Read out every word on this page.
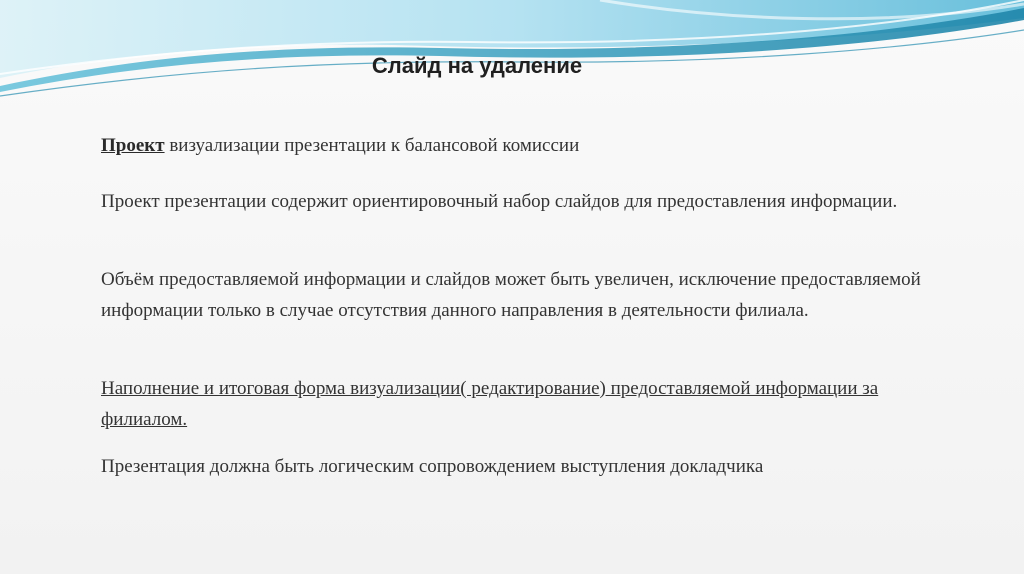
Слайд на удаление
Проект визуализации презентации к балансовой комиссии
Проект презентации содержит ориентировочный набор слайдов для предоставления информации.
Объём предоставляемой информации и слайдов может быть увеличен, исключение предоставляемой информации только в случае отсутствия данного направления в деятельности филиала.
Наполнение и итоговая форма визуализации( редактирование) предоставляемой информации за филиалом.
Презентация должна быть логическим сопровождением выступления докладчика
